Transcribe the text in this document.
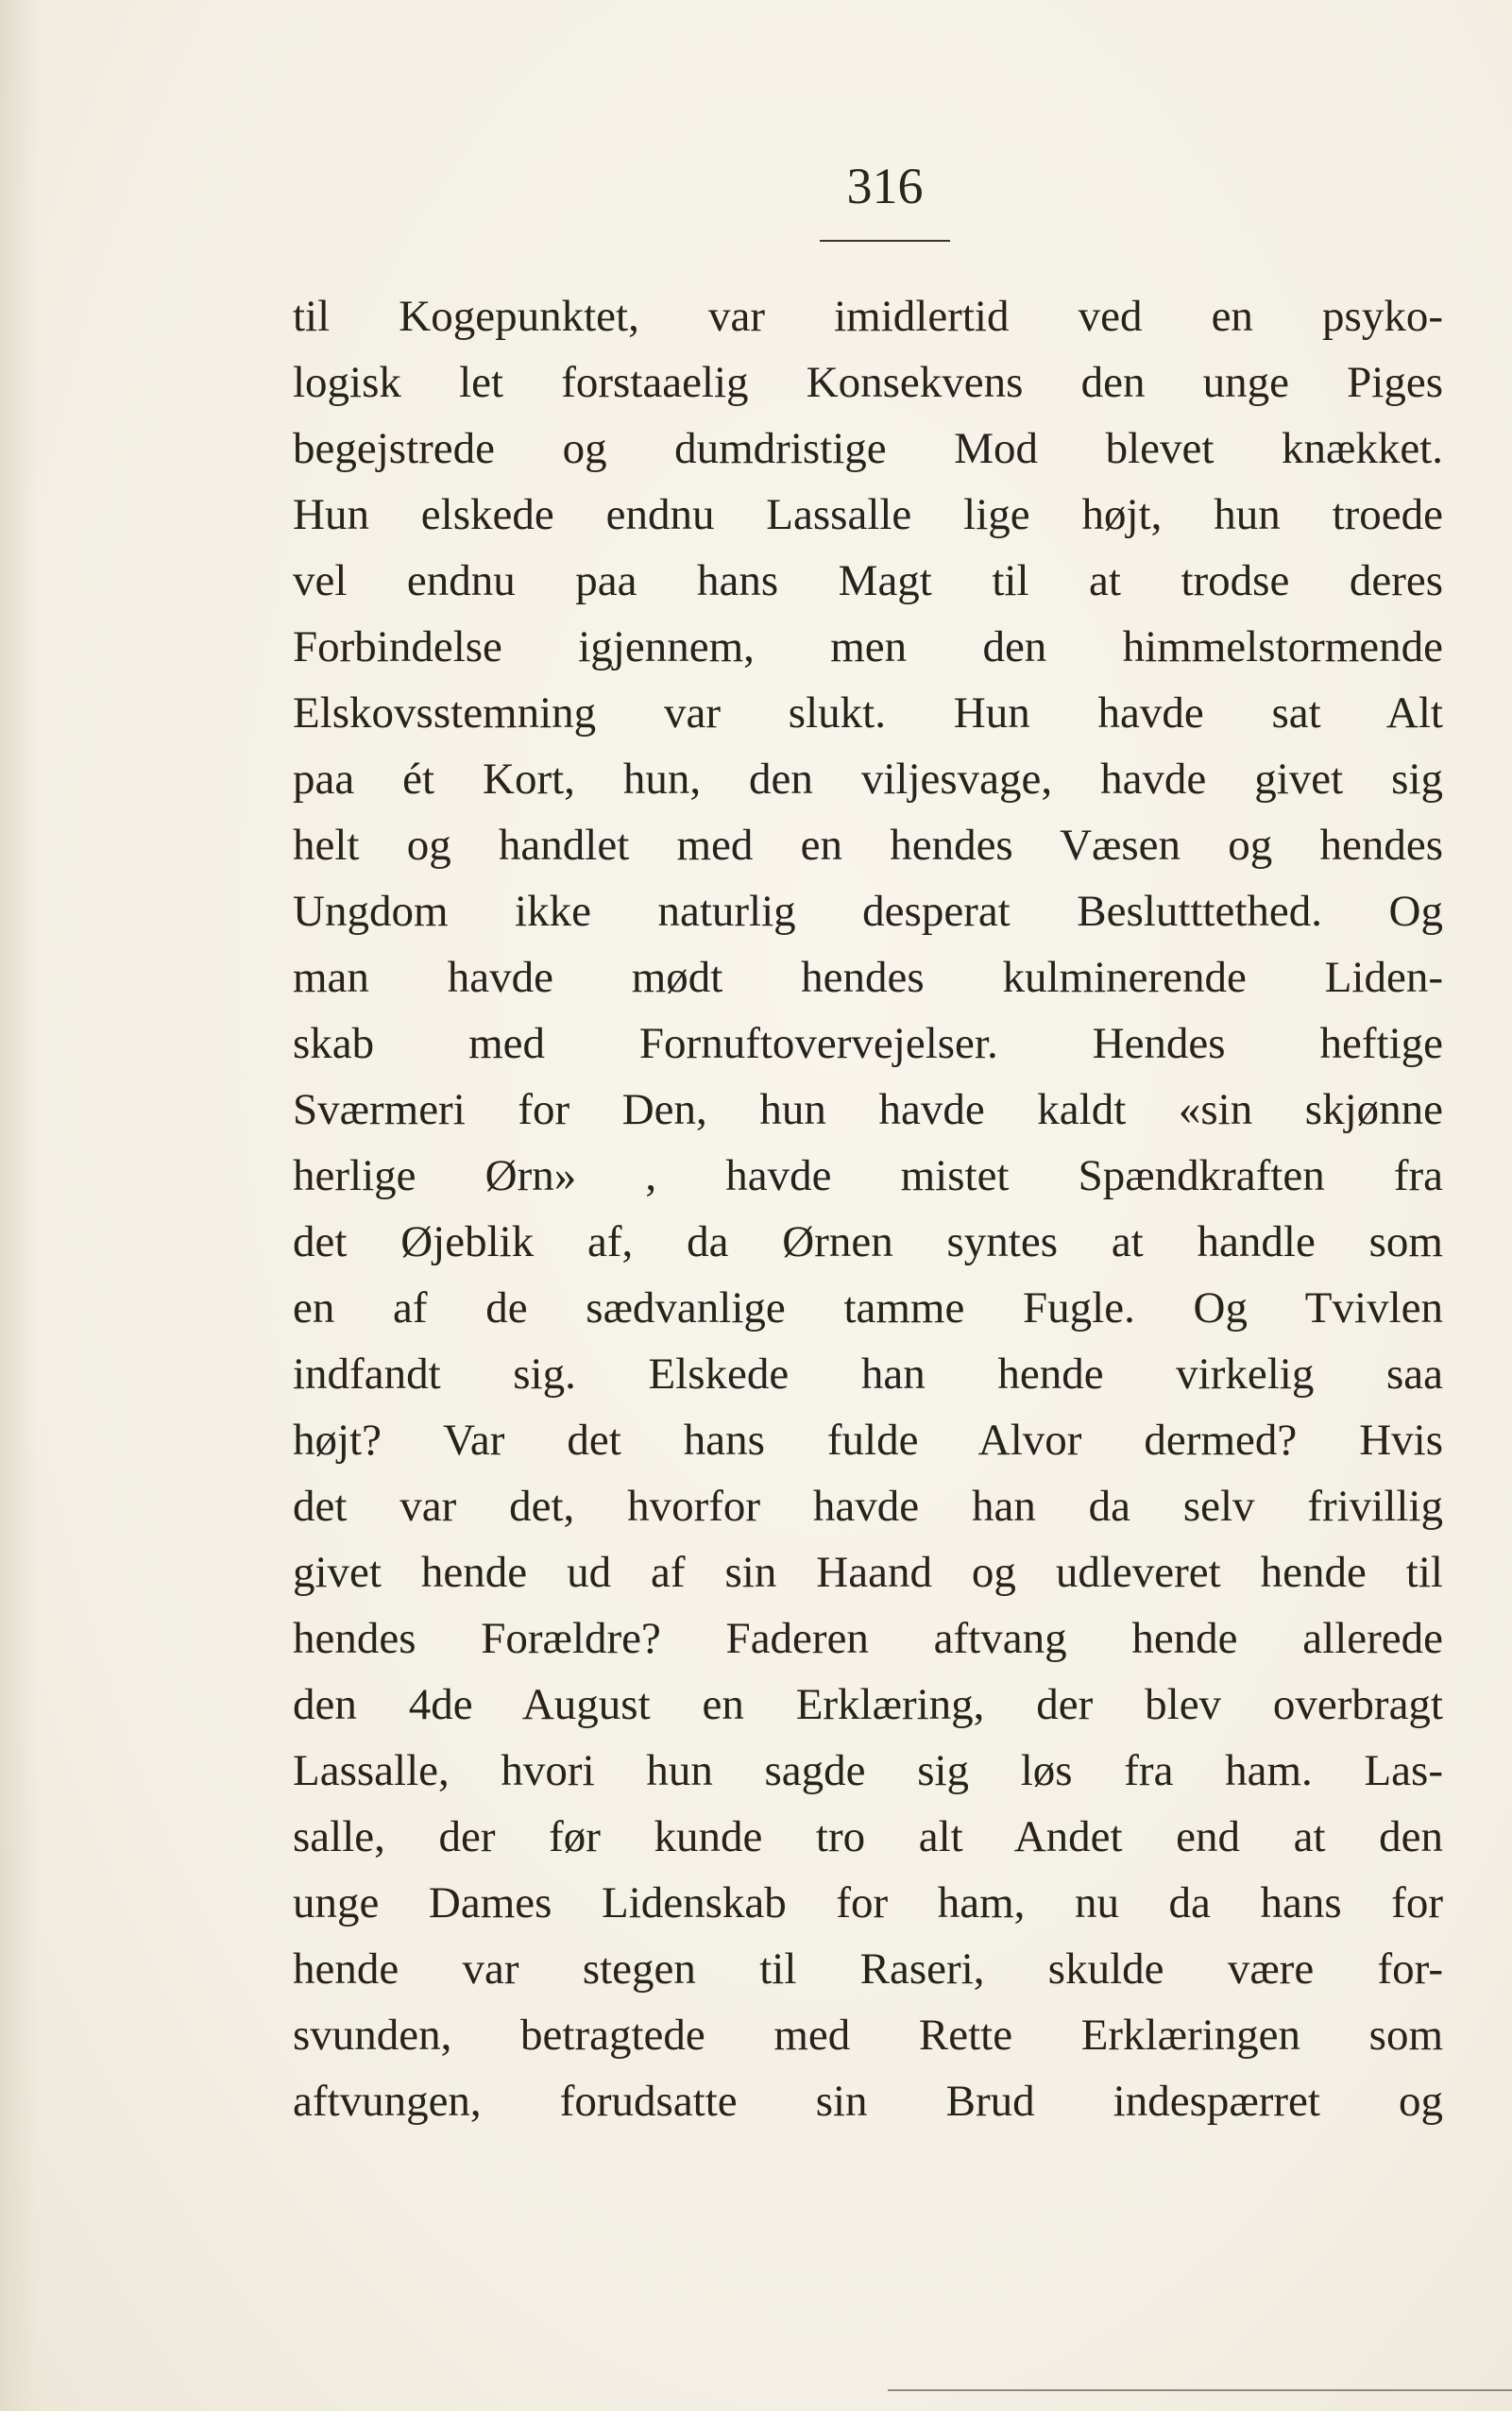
316
til Kogepunktet, var imidlertid ved en psyko-
logisk let forstaaelig Konsekvens den unge Piges
begejstrede og dumdristige Mod blevet knækket.
Hun elskede endnu Lassalle lige højt, hun troede
vel endnu paa hans Magt til at trodse deres
Forbindelse igjennem, men den himmelstormende
Elskovsstemning var slukt. Hun havde sat Alt
paa ét Kort, hun, den viljesvage, havde givet sig
helt og handlet med en hendes Væsen og hendes
Ungdom ikke naturlig desperat Beslutttethed. Og
man havde mødt hendes kulminerende Liden-
skab med Fornuftovervejelser. Hendes heftige
Sværmeri for Den, hun havde kaldt «sin skjønne
herlige Ørn» , havde mistet Spændkraften fra
det Øjeblik af, da Ørnen syntes at handle som
en af de sædvanlige tamme Fugle. Og Tvivlen
indfandt sig. Elskede han hende virkelig saa
højt? Var det hans fulde Alvor dermed? Hvis
det var det, hvorfor havde han da selv frivillig
givet hende ud af sin Haand og udleveret hende til
hendes Forældre? Faderen aftvang hende allerede
den 4de August en Erklæring, der blev overbragt
Lassalle, hvori hun sagde sig løs fra ham. Las-
salle, der før kunde tro alt Andet end at den
unge Dames Lidenskab for ham, nu da hans for
hende var stegen til Raseri, skulde være for-
svunden, betragtede med Rette Erklæringen som
aftvungen, forudsatte sin Brud indespærret og
